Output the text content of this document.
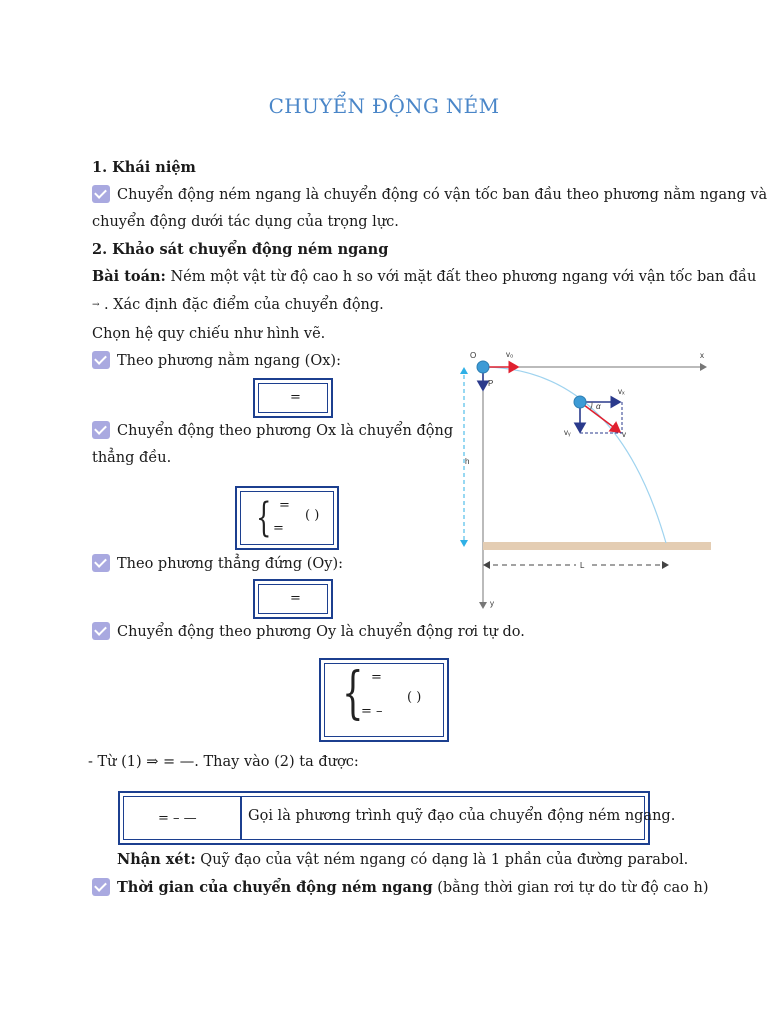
CHUYỂN ĐỘNG NÉM
1. Khái niệm
Chuyển động ném ngang là chuyển động có vận tốc ban đầu theo phương nằm ngang và
chuyển động dưới tác dụng của trọng lực.
2. Khảo sát chuyển động ném ngang
Bài toán: Ném một vật từ độ cao h so với mặt đất theo phương ngang với vận tốc ban đầu
→ . Xác định đặc điểm của chuyển động.
Chọn hệ quy chiếu như hình vẽ.
Theo phương nằm ngang (Ox):
=
Chuyển động theo phương Ox là chuyển động
thẳng đều.
{ =
=
( )
Theo phương thẳng đứng (Oy):
=
Chuyển động theo phương Oy là chuyển động rơi tự do.
{ =
= –
( )
- Từ (1) ⇒ = —. Thay vào (2) ta được:
= – —	Gọi là phương trình quỹ đạo của chuyển động ném ngang.
Nhận xét: Quỹ đạo của vật ném ngang có dạng là 1 phần của đường parabol.
Thời gian của chuyển động ném ngang (bằng thời gian rơi tự do từ độ cao h)
O	x
y
h
L
v₀
P
α
vₓ
vᵧ	v
